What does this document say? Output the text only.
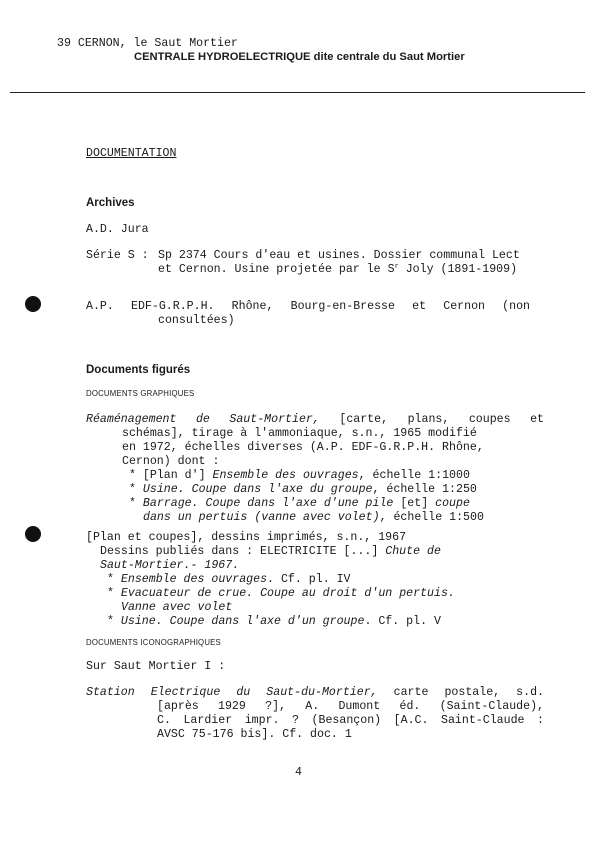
39 CERNON, le Saut Mortier
CENTRALE HYDROELECTRIQUE dite centrale du Saut Mortier
DOCUMENTATION
Archives
A.D. Jura
Série S : Sp 2374 Cours d'eau et usines. Dossier communal Lect
et Cernon. Usine projetée par le $S^r$ Joly (1891-1909)
A.P. EDF-G.R.P.H. Rhône, Bourg-en-Bresse et Cernon (non
consultées)
Documents figurés
DOCUMENTS GRAPHIQUES
Réaménagement de Saut-Mortier, [carte, plans, coupes et
schémas], tirage à l'ammoniaque, s.n., 1965 modifié
en 1972, échelles diverses (A.P. EDF-G.R.P.H. Rhône,
Cernon) dont :
* [Plan d'] Ensemble des ouvrages, échelle 1:1000
* Usine. Coupe dans l'axe du groupe, échelle 1:250
* Barrage. Coupe dans l'axe d'une pile [et] coupe
dans un pertuis (vanne avec volet), échelle 1:500
[Plan et coupes], dessins imprimés, s.n., 1967
Dessins publiés dans : ELECTRICITE [...] Chute de
Saut-Mortier.- 1967.
* Ensemble des ouvrages. Cf. pl. IV
* Evacuateur de crue. Coupe au droit d'un pertuis.
Vanne avec volet
* Usine. Coupe dans l'axe d'un groupe. Cf. pl. V
DOCUMENTS ICONOGRAPHIQUES
Sur Saut Mortier I :
Station Electrique du Saut-du-Mortier, carte postale, s.d.
[après 1929 ?], A. Dumont éd. (Saint-Claude),
C. Lardier impr. ? (Besançon) [A.C. Saint-Claude :
AVSC 75-176 bis]. Cf. doc. 1
4
